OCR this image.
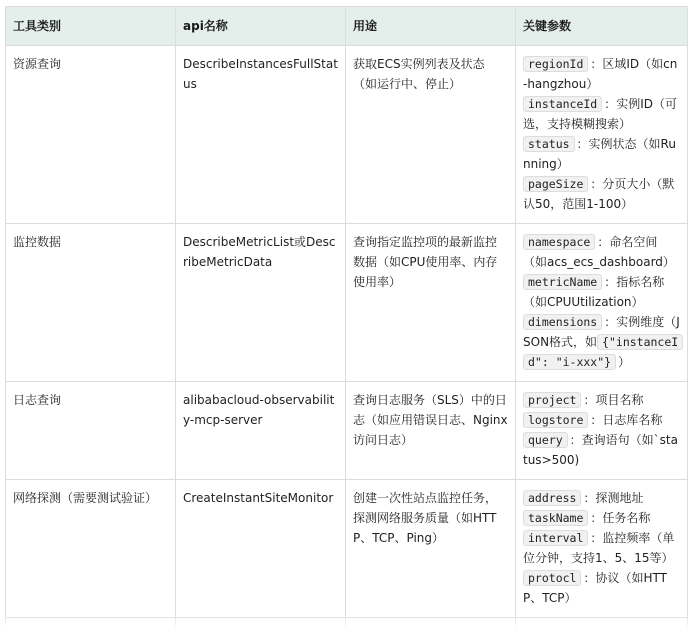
工具类别	api名称	用途	关键参数
资源查询	DescribeInstancesFullStatus	获取ECS实例列表及状态（如运行中、停止）	regionId ：区域ID（如cn-hangzhou）
instanceId ：实例ID（可选，支持模糊搜索）
status ：实例状态（如Running）
pageSize ：分页大小（默认50，范围1-100）

监控数据	DescribeMetricList或DescribeMetricData	查询指定监控项的最新监控数据（如CPU使用率、内存使用率）	namespace ：命名空间（如acs_ecs_dashboard）
metricName ：指标名称（如CPUUtilization）
dimensions ：实例维度（JSON格式，如 {"instanceId": "i-xxx"} ）

日志查询	alibabacloud-observability-mcp-server	查询日志服务（SLS）中的日志（如应用错误日志、Nginx访问日志）	project ：项目名称
logstore ：日志库名称
query ：查询语句（如`status>500)

网络探测（需要测试验证）	CreateInstantSiteMonitor	创建一次性站点监控任务，探测网络服务质量（如HTTP、TCP、Ping）	address ：探测地址
taskName ：任务名称
interval ：监控频率（单位分钟，支持1、5、15等）
protocl ：协议（如HTTP、TCP）
